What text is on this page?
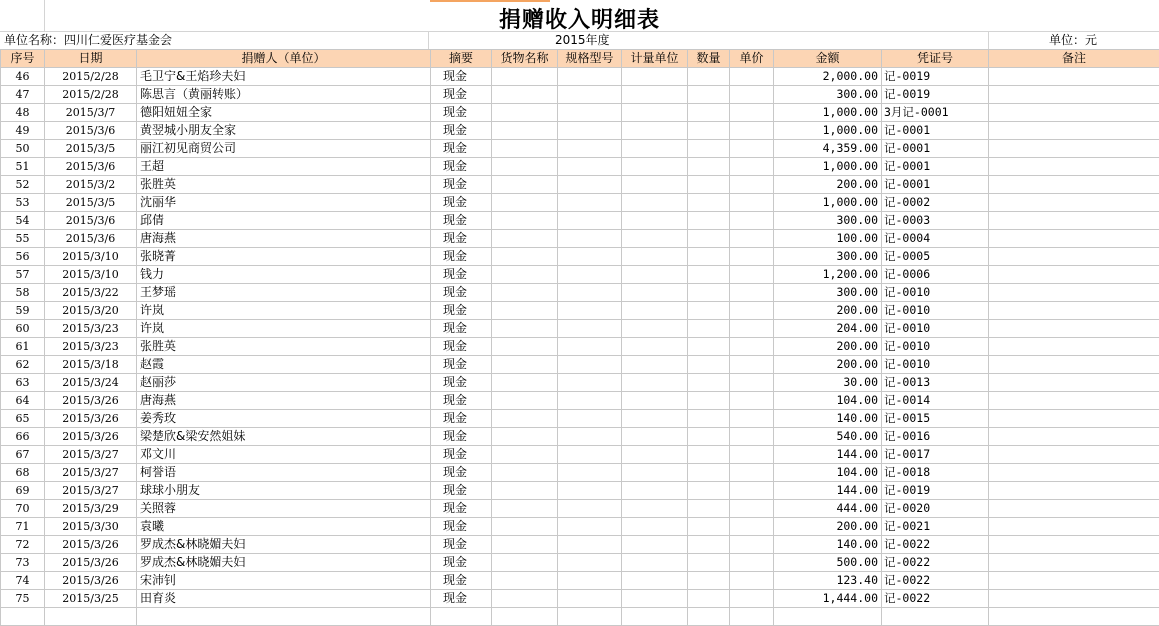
捐赠收入明细表
单位名称：四川仁爱医疗基金会	2015年度	单位：元
序号	日期	捐赠人（单位）	摘要	货物名称	规格型号	计量单位	数量	单价	金额	凭证号	备注
46	2015/2/28	毛卫宁&王焰珍夫妇	现金						2,000.00	记-0019	
47	2015/2/28	陈思言（黄丽转账）	现金						300.00	记-0019	
48	2015/3/7	德阳妞妞全家	现金						1,000.00	3月记-0001	
49	2015/3/6	黄翌城小朋友全家	现金						1,000.00	记-0001	
50	2015/3/5	丽江初见商贸公司	现金						4,359.00	记-0001	
51	2015/3/6	王超	现金						1,000.00	记-0001	
52	2015/3/2	张胜英	现金						200.00	记-0001	
53	2015/3/5	沈丽华	现金						1,000.00	记-0002	
54	2015/3/6	邱倩	现金						300.00	记-0003	
55	2015/3/6	唐海燕	现金						100.00	记-0004	
56	2015/3/10	张晓菁	现金						300.00	记-0005	
57	2015/3/10	钱力	现金						1,200.00	记-0006	
58	2015/3/22	王梦瑶	现金						300.00	记-0010	
59	2015/3/20	许岚	现金						200.00	记-0010	
60	2015/3/23	许岚	现金						204.00	记-0010	
61	2015/3/23	张胜英	现金						200.00	记-0010	
62	2015/3/18	赵霞	现金						200.00	记-0010	
63	2015/3/24	赵丽莎	现金						30.00	记-0013	
64	2015/3/26	唐海燕	现金						104.00	记-0014	
65	2015/3/26	姜秀玫	现金						140.00	记-0015	
66	2015/3/26	梁楚欣&梁安然姐妹	现金						540.00	记-0016	
67	2015/3/27	邓文川	现金						144.00	记-0017	
68	2015/3/27	柯誉语	现金						104.00	记-0018	
69	2015/3/27	球球小朋友	现金						144.00	记-0019	
70	2015/3/29	关照蓉	现金						444.00	记-0020	
71	2015/3/30	袁曦	现金						200.00	记-0021	
72	2015/3/26	罗成杰&林晓媚夫妇	现金						140.00	记-0022	
73	2015/3/26	罗成杰&林晓媚夫妇	现金						500.00	记-0022	
74	2015/3/26	宋沛钊	现金						123.40	记-0022	
75	2015/3/25	田育炎	现金						1,444.00	记-0022	
